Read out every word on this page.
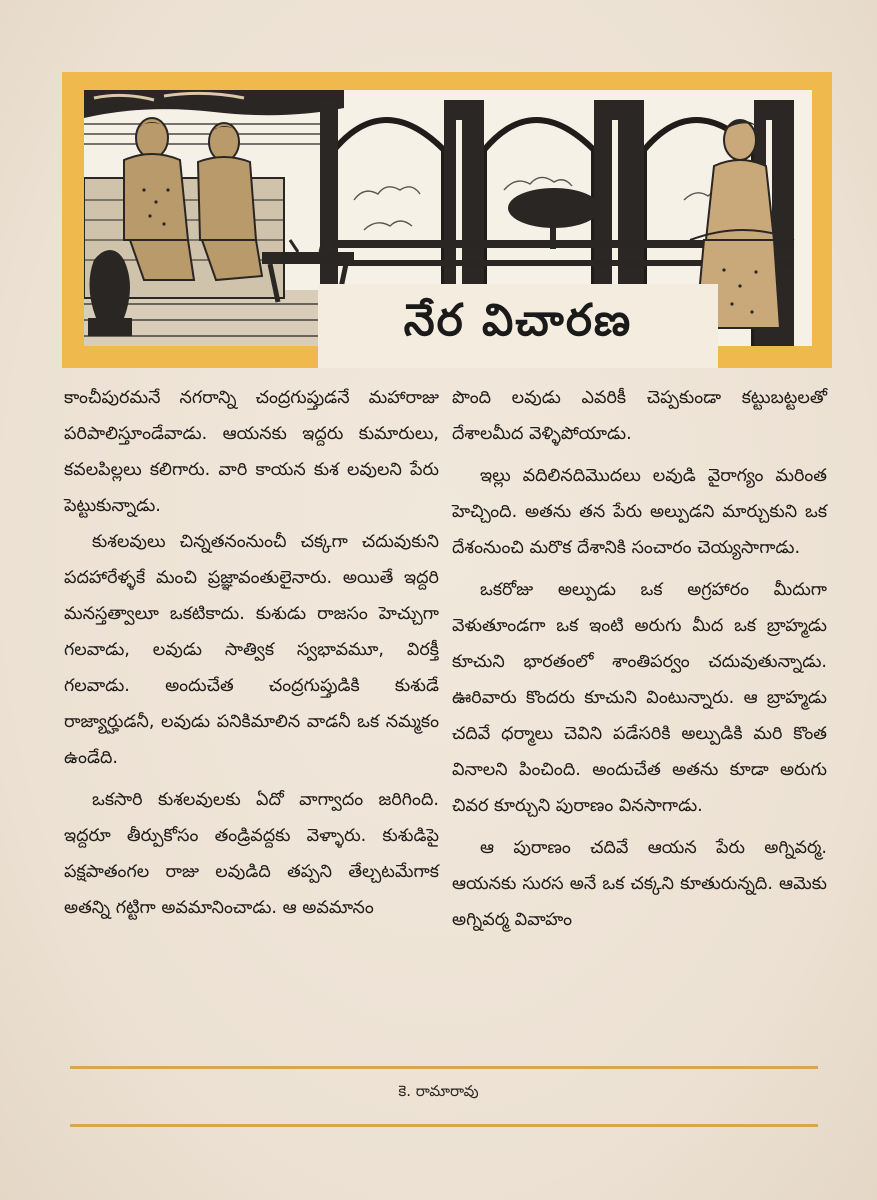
నేర విచారణ

కాంచీపురమనే నగరాన్ని చంద్రగుప్తుడనే మహారాజు పరిపాలిస్తూండేవాడు. ఆయనకు ఇద్దరు కుమారులు, కవలపిల్లలు కలిగారు. వారి కాయన కుశ లవులని పేరు పెట్టుకున్నాడు.

కుశలవులు చిన్నతనంనుంచీ చక్కగా చదువుకుని పదహారేళ్ళకే మంచి ప్రజ్ఞావంతులైనారు. అయితే ఇద్దరి మనస్తత్వాలూ ఒకటికాదు. కుశుడు రాజసం హెచ్చుగా గలవాడు, లవుడు సాత్విక స్వభావమూ, విరక్తీ గలవాడు. అందుచేత చంద్రగుప్తుడికి కుశుడే రాజ్యార్హుడనీ, లవుడు పనికిమాలిన వాడనీ ఒక నమ్మకం ఉండేది.

ఒకసారి కుశలవులకు ఏదో వాగ్వాదం జరిగింది. ఇద్దరూ తీర్పుకోసం తండ్రివద్దకు వెళ్ళారు. కుశుడిపై పక్షపాతంగల రాజు లవుడిది తప్పని తేల్చటమేగాక అతన్ని గట్టిగా అవమానించాడు. ఆ అవమానం

పొంది లవుడు ఎవరికీ చెప్పకుండా కట్టుబట్టలతో దేశాలమీద వెళ్ళిపోయాడు.

ఇల్లు వదిలినదిమొదలు లవుడి వైరాగ్యం మరింత హెచ్చింది. అతను తన పేరు అల్పుడని మార్చుకుని ఒక దేశంనుంచి మరొక దేశానికి సంచారం చెయ్యసాగాడు.

ఒకరోజు అల్పుడు ఒక అగ్రహారం మీదుగా వెళుతూండగా ఒక ఇంటి అరుగు మీద ఒక బ్రాహ్మడు కూచుని భారతంలో శాంతిపర్వం చదువుతున్నాడు. ఊరివారు కొందరు కూచుని వింటున్నారు. ఆ బ్రాహ్మడు చదివే ధర్మాలు చెవిని పడేసరికి అల్పుడికి మరి కొంత వినాలని పించింది. అందుచేత అతను కూడా అరుగు చివర కూర్చుని పురాణం వినసాగాడు.

ఆ పురాణం చదివే ఆయన పేరు అగ్నివర్మ. ఆయనకు సురస అనే ఒక చక్కని కూతురున్నది. ఆమెకు అగ్నివర్మ వివాహం

కె. రామారావు
